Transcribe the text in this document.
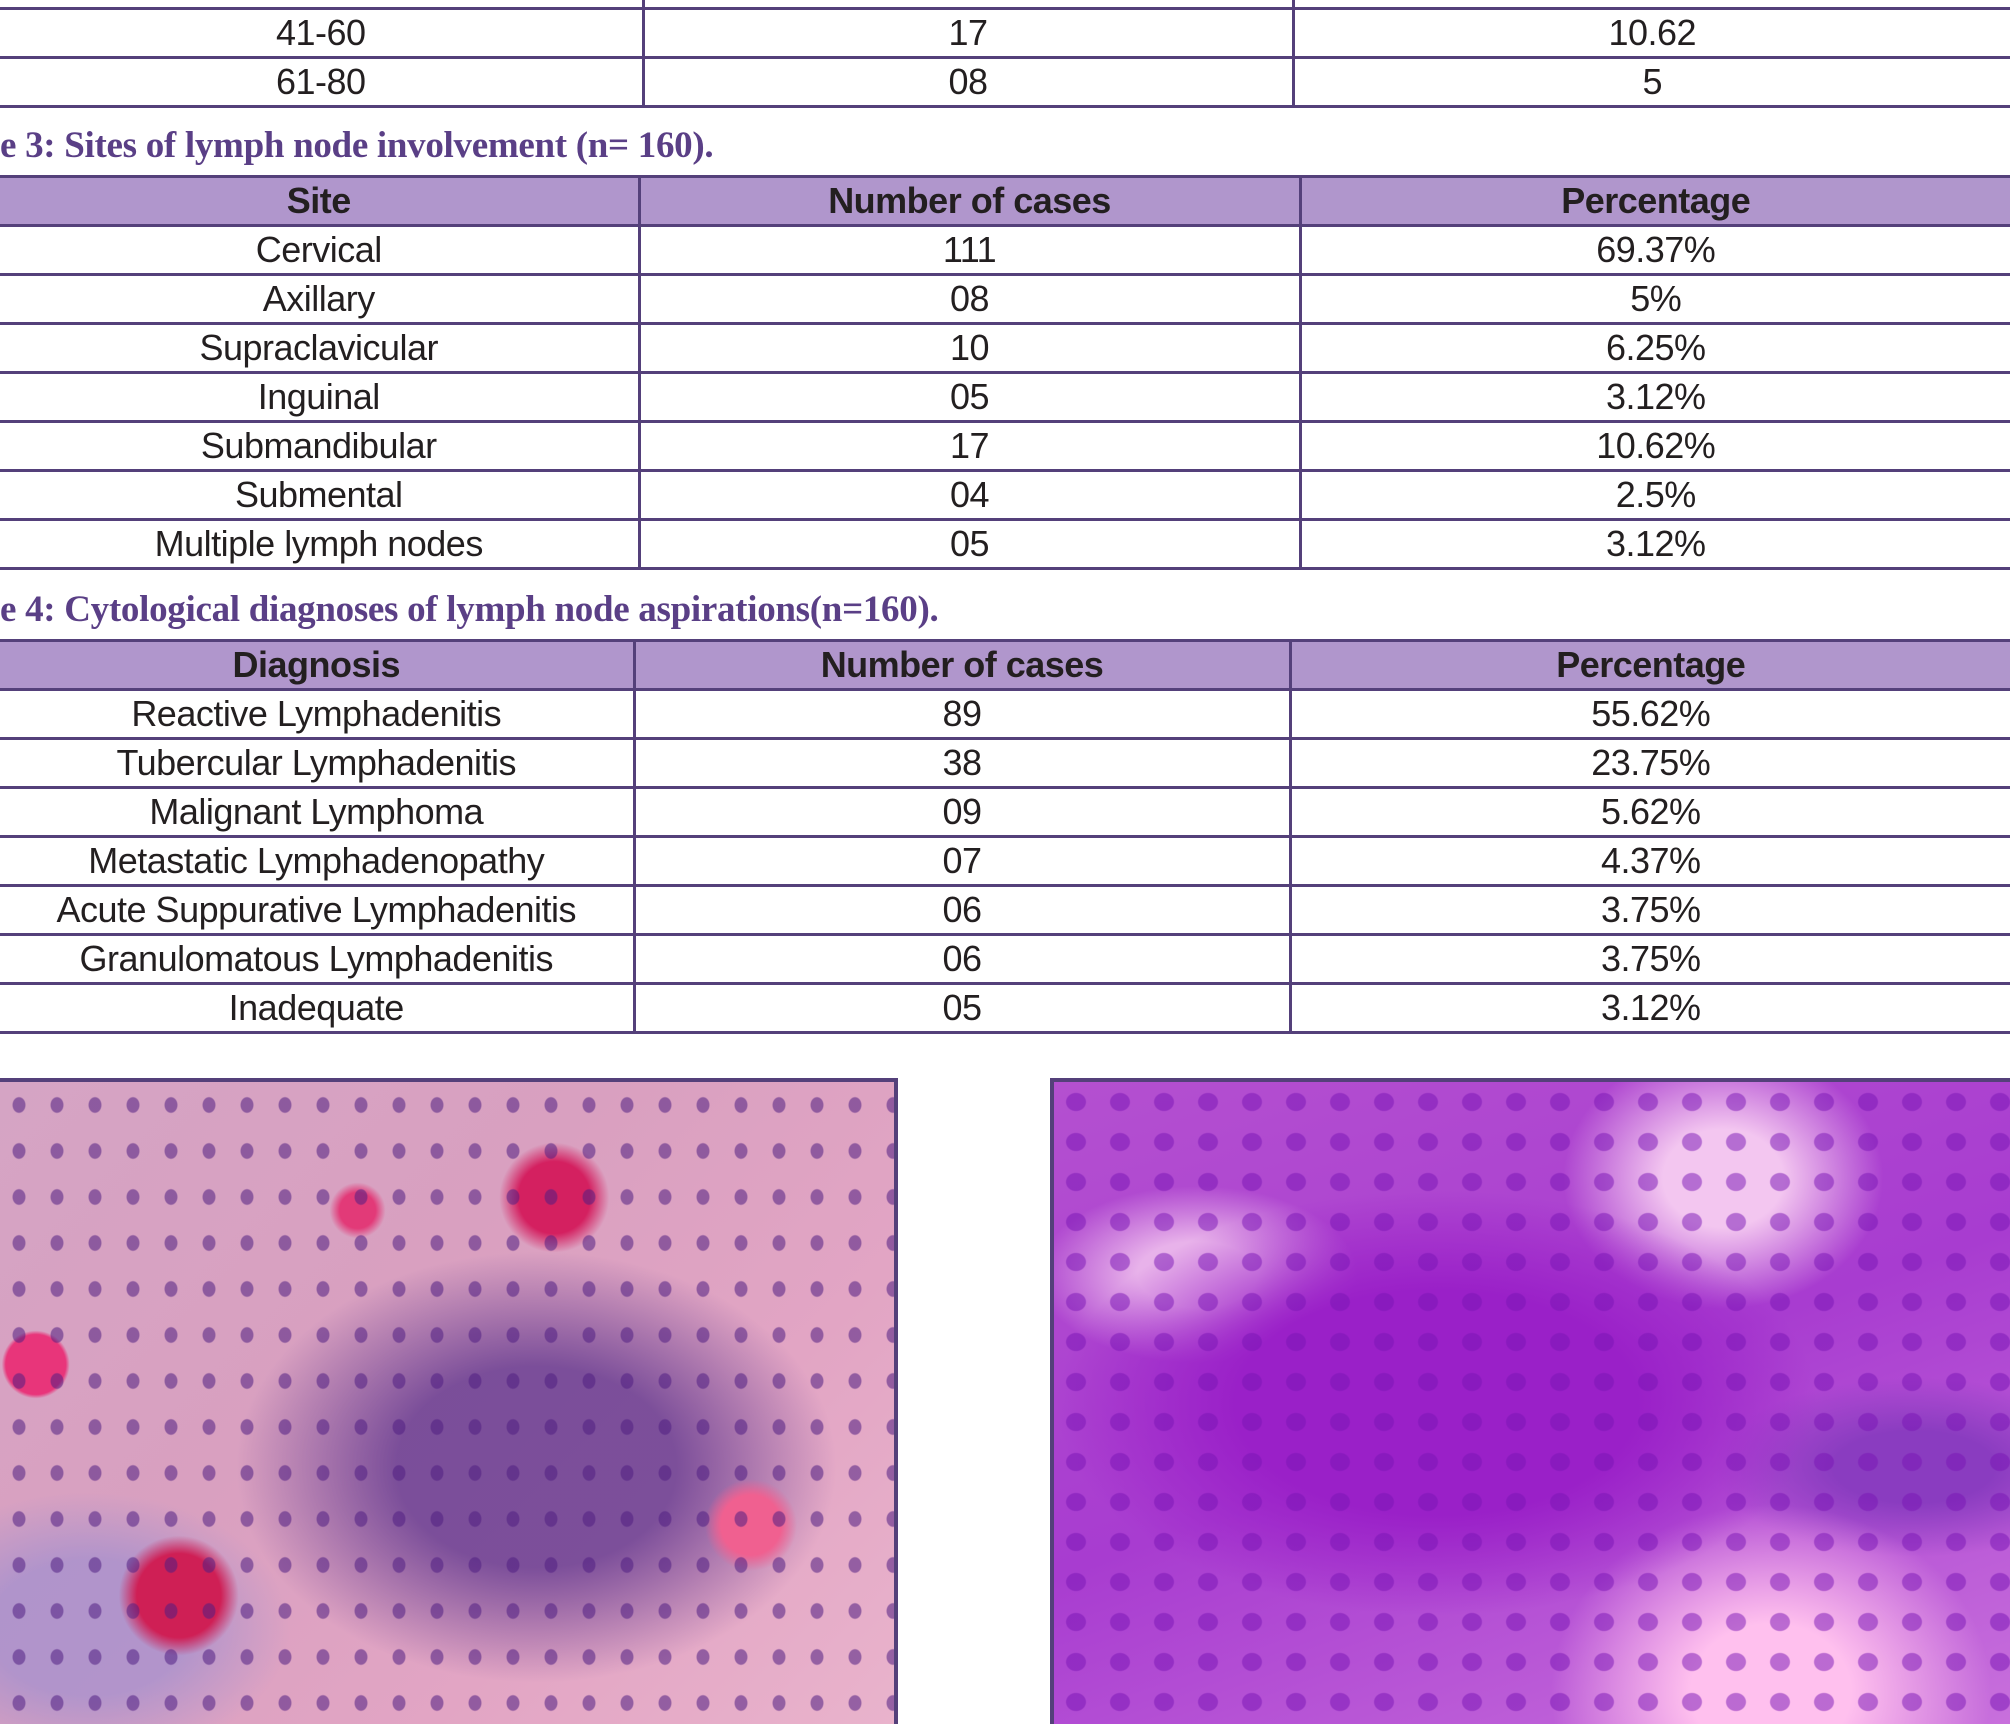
41-60	17	10.62
61-80	08	5
e 3: Sites of lymph node involvement (n= 160).
Site	Number of cases	Percentage
Cervical	111	69.37%
Axillary	08	5%
Supraclavicular	10	6.25%
Inguinal	05	3.12%
Submandibular	17	10.62%
Submental	04	2.5%
Multiple lymph nodes	05	3.12%
e 4: Cytological diagnoses of lymph node aspirations(n=160).
Diagnosis	Number of cases	Percentage
Reactive Lymphadenitis	89	55.62%
Tubercular Lymphadenitis	38	23.75%
Malignant Lymphoma	09	5.62%
Metastatic Lymphadenopathy	07	4.37%
Acute Suppurative Lymphadenitis	06	3.75%
Granulomatous Lymphadenitis	06	3.75%
Inadequate	05	3.12%
